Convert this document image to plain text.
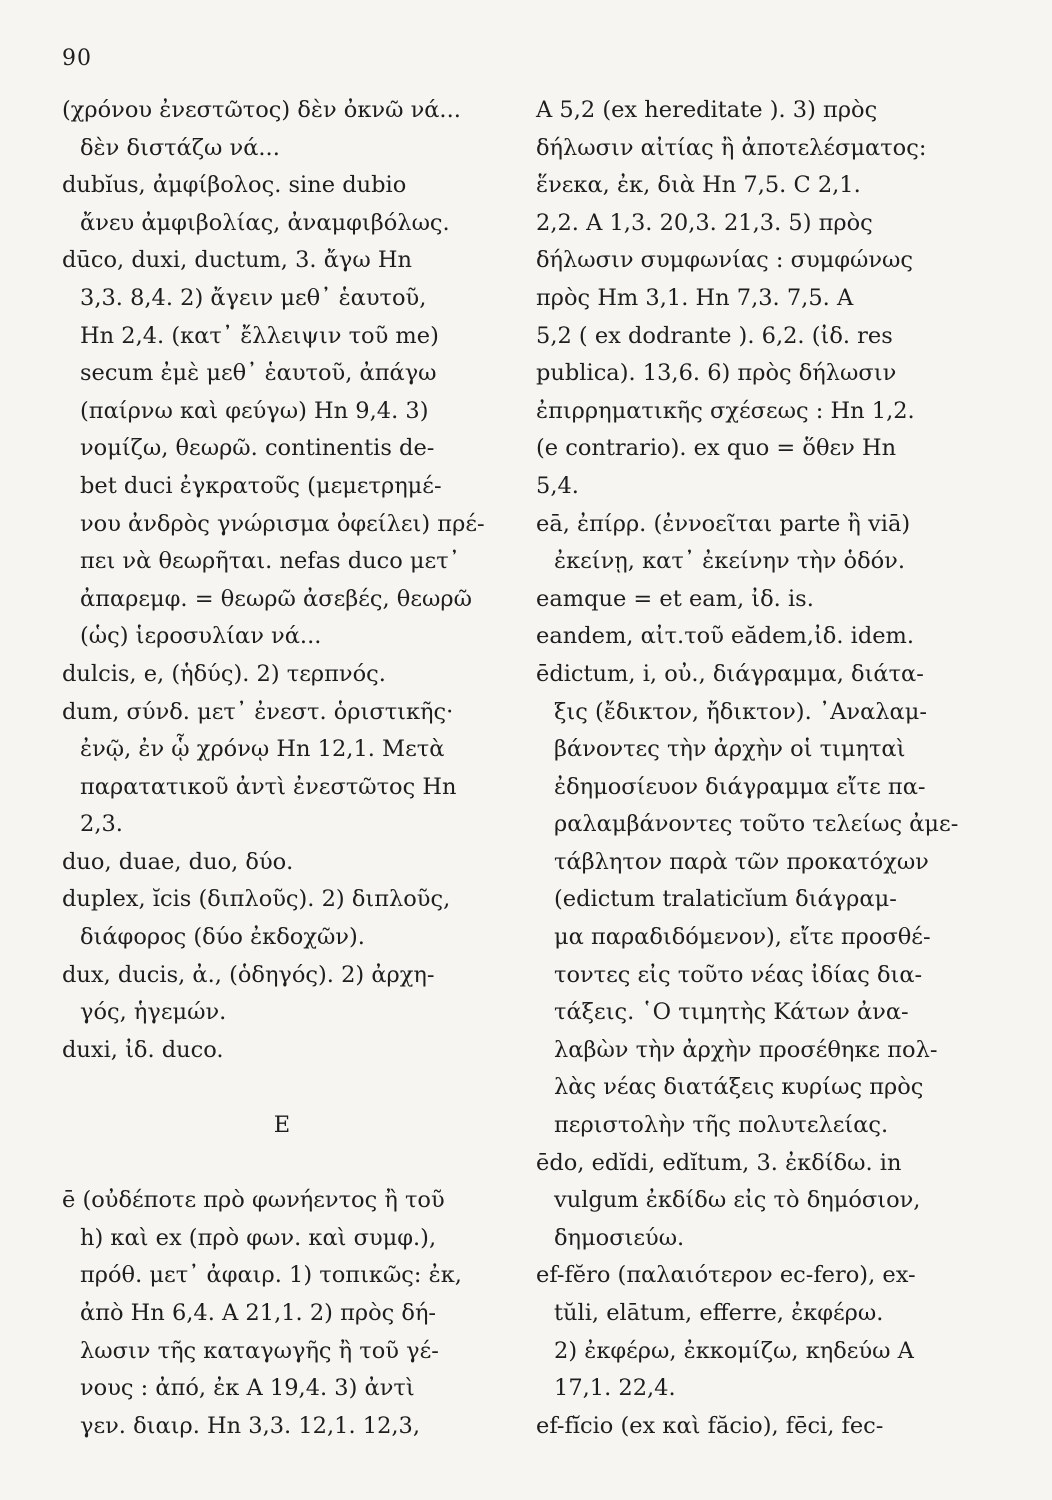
90
(χρόνου ἐνεστῶτος) δὲν ὀκνῶ νά...
δὲν διστάζω νά...
dubĭus, ἀμφίβολος. sine dubio
ἄνευ ἀμφιβολίας, ἀναμφιβόλως.
dūco, duxi, ductum, 3. ἄγω Hn
3,3. 8,4. 2) ἄγειν μεθ᾽ ἑαυτοῦ,
Hn 2,4. (κατ᾽ ἔλλειψιν τοῦ me)
secum ἐμὲ μεθ᾽ ἑαυτοῦ, ἀπάγω
(παίρνω καὶ φεύγω) Hn 9,4. 3)
νομίζω, θεωρῶ. continentis de-
bet duci ἐγκρατοῦς (μεμετρημέ-
νου ἀνδρὸς γνώρισμα ὀφείλει) πρέ-
πει νὰ θεωρῆται. nefas duco μετ᾽
ἀπαρεμφ. = θεωρῶ ἀσεβές, θεωρῶ
(ὡς) ἱεροσυλίαν νά...
dulcis, e, (ἡδύς). 2) τερπνός.
dum, σύνδ. μετ᾽ ἐνεστ. ὁριστικῆς·
ἐνῷ, ἐν ᾧ χρόνῳ Hn 12,1. Μετὰ
παρατατικοῦ ἀντὶ ἐνεστῶτος Hn
2,3.
duo, duae, duo, δύο.
duplex, ĭcis (διπλοῦς). 2) διπλοῦς,
διάφορος (δύο ἐκδοχῶν).
dux, ducis, ἀ., (ὁδηγός). 2) ἀρχη-
γός, ἡγεμών.
duxi, ἰδ. duco.
E
ē (οὐδέποτε πρὸ φωνήεντος ἢ τοῦ
h) καὶ ex (πρὸ φων. καὶ συμφ.),
πρόθ. μετ᾽ ἀφαιρ. 1) τοπικῶς: ἐκ,
ἀπὸ Hn 6,4. A 21,1. 2) πρὸς δή-
λωσιν τῆς καταγωγῆς ἢ τοῦ γέ-
νους : ἀπό, ἐκ A 19,4. 3) ἀντὶ
γεν. διαιρ. Hn 3,3. 12,1. 12,3,
A 5,2 (ex hereditate ). 3) πρὸς
δήλωσιν αἰτίας ἢ ἀποτελέσματος:
ἕνεκα, ἐκ, διὰ Hn 7,5. C 2,1.
2,2. A 1,3. 20,3. 21,3. 5) πρὸς
δήλωσιν συμφωνίας : συμφώνως
πρὸς Hm 3,1. Hn 7,3. 7,5. A
5,2 ( ex dodrante ). 6,2. (ἰδ. res
publica). 13,6. 6) πρὸς δήλωσιν
ἐπιρρηματικῆς σχέσεως : Hn 1,2.
(e contrario). ex quo = ὅθεν Hn
5,4.
eā, ἐπίρρ. (ἐννοεῖται parte ἢ viā)
ἐκείνῃ, κατ᾽ ἐκείνην τὴν ὁδόν.
eamque = et eam, ἰδ. is.
eandem, αἰτ.τοῦ eădem,ἰδ. idem.
ēdictum, i, οὐ., διάγραμμα, διάτα-
ξις (ἔδικτον, ἤδικτον). ᾿Αναλαμ-
βάνοντες τὴν ἀρχὴν οἱ τιμηταὶ
ἐδημοσίευον διάγραμμα εἴτε πα-
ραλαμβάνοντες τοῦτο τελείως ἀμε-
τάβλητον παρὰ τῶν προκατόχων
(edictum tralaticĭum διάγραμ-
μα παραδιδόμενον), εἴτε προσθέ-
τοντες εἰς τοῦτο νέας ἰδίας δια-
τάξεις. ῾Ο τιμητὴς Κάτων ἀνα-
λαβὼν τὴν ἀρχὴν προσέθηκε πολ-
λὰς νέας διατάξεις κυρίως πρὸς
περιστολὴν τῆς πολυτελείας.
ēdo, edĭdi, edĭtum, 3. ἐκδίδω. in
vulgum ἐκδίδω εἰς τὸ δημόσιον,
δημοσιεύω.
ef-fĕro (παλαιότερον ec-fero), ex-
tŭli, elātum, efferre, ἐκφέρω.
2) ἐκφέρω, ἐκκομίζω, κηδεύω A
17,1. 22,4.
ef-fĭcio (ex καὶ făcio), fēci, fec-
